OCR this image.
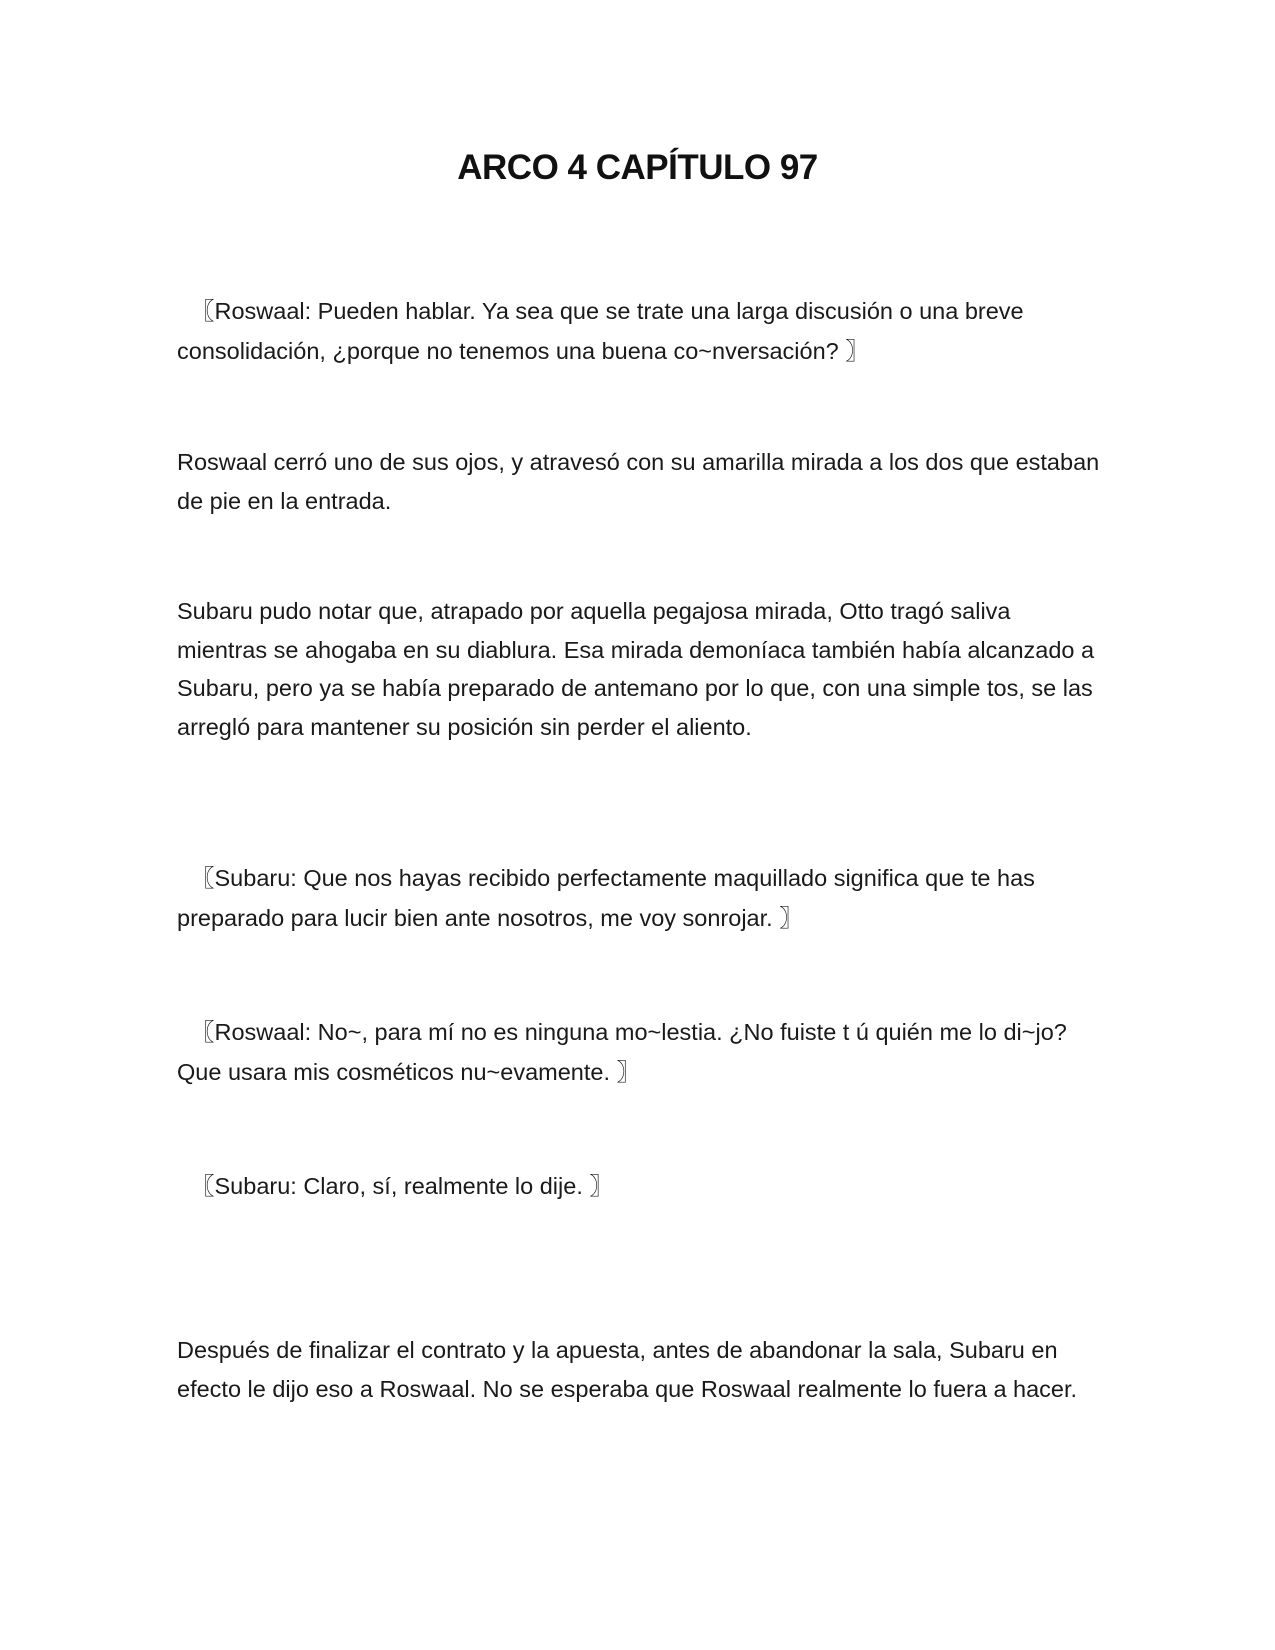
ARCO 4 CAPÍTULO 97

〖Roswaal: Pueden hablar. Ya sea que se trate una larga discusión o una breve consolidación, ¿porque no tenemos una buena co~nversación? 〗

Roswaal cerró uno de sus ojos, y atravesó con su amarilla mirada a los dos que estaban de pie en la entrada.

Subaru pudo notar que, atrapado por aquella pegajosa mirada, Otto tragó saliva mientras se ahogaba en su diablura. Esa mirada demoníaca también había alcanzado a Subaru, pero ya se había preparado de antemano por lo que, con una simple tos, se las arregló para mantener su posición sin perder el aliento.

〖Subaru: Que nos hayas recibido perfectamente maquillado significa que te has preparado para lucir bien ante nosotros, me voy sonrojar. 〗

〖Roswaal: No~, para mí no es ninguna mo~lestia. ¿No fuiste t ú quién me lo di~jo? Que usara mis cosméticos nu~evamente. 〗

〖Subaru: Claro, sí, realmente lo dije. 〗

Después de finalizar el contrato y la apuesta, antes de abandonar la sala, Subaru en efecto le dijo eso a Roswaal. No se esperaba que Roswaal realmente lo fuera a hacer.
